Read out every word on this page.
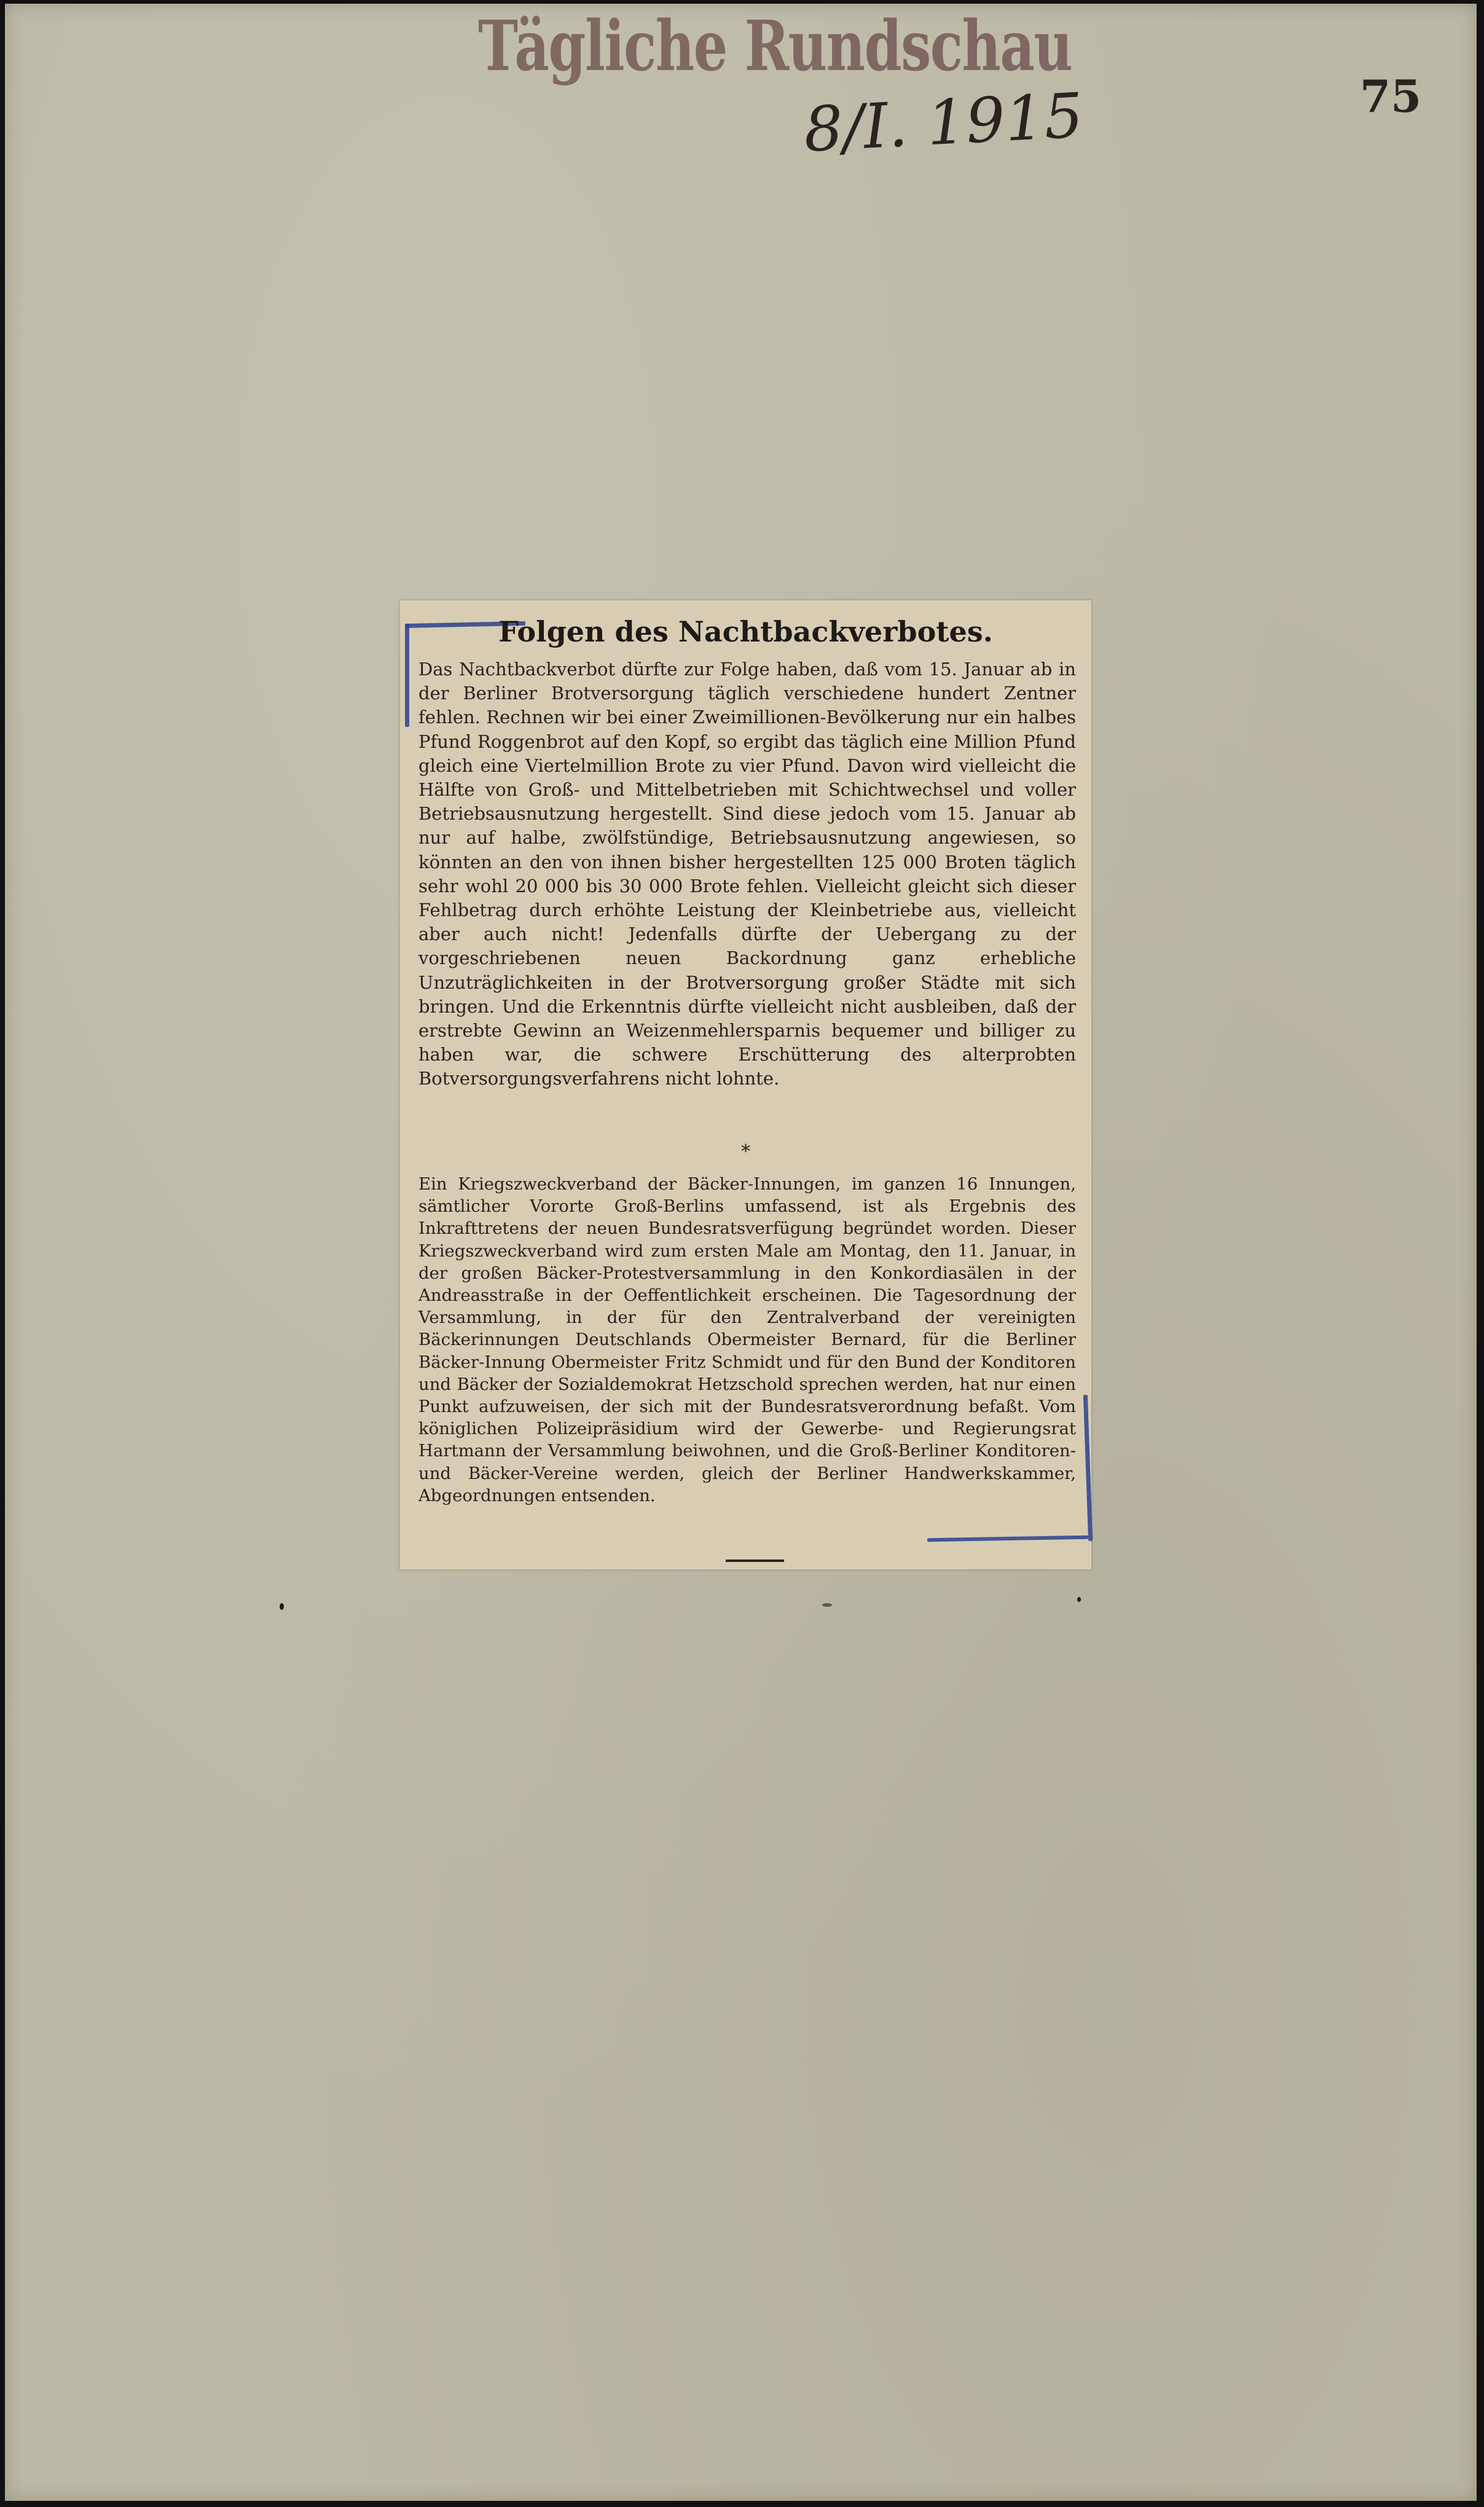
Tägliche Rundschau
8/I. 1915	75
Folgen des Nachtbackverbotes.
Das Nachtbackverbot dürfte zur Folge haben, daß vom 15. Januar ab in der Berliner Brotversorgung täglich verschiedene hundert Zentner fehlen. Rechnen wir bei einer Zweimillionen-Bevölkerung nur ein halbes Pfund Roggenbrot auf den Kopf, so ergibt das täglich eine Million Pfund gleich eine Viertelmillion Brote zu vier Pfund. Davon wird vielleicht die Hälfte von Groß- und Mittelbetrieben mit Schichtwechsel und voller Betriebsausnutzung hergestellt. Sind diese jedoch vom 15. Januar ab nur auf halbe, zwölfstündige, Betriebsausnutzung angewiesen, so könnten an den von ihnen bisher hergestellten 125 000 Broten täglich sehr wohl 20 000 bis 30 000 Brote fehlen. Vielleicht gleicht sich dieser Fehlbetrag durch erhöhte Leistung der Kleinbetriebe aus, vielleicht aber auch nicht! Jedenfalls dürfte der Uebergang zu der vorgeschriebenen neuen Backordnung ganz erhebliche Unzuträglichkeiten in der Brotversorgung großer Städte mit sich bringen. Und die Erkenntnis dürfte vielleicht nicht ausbleiben, daß der erstrebte Gewinn an Weizenmehlersparnis bequemer und billiger zu haben war, die schwere Erschütterung des alterprobten Botversorgungsverfahrens nicht lohnte.
*
Ein Kriegszweckverband der Bäcker-Innungen, im ganzen 16 Innungen, sämtlicher Vororte Groß-Berlins umfassend, ist als Ergebnis des Inkrafttretens der neuen Bundesratsverfügung begründet worden. Dieser Kriegszweckverband wird zum ersten Male am Montag, den 11. Januar, in der großen Bäcker-Protestversammlung in den Konkordiasälen in der Andreasstraße in der Oeffentlichkeit erscheinen. Die Tagesordnung der Versammlung, in der für den Zentralverband der vereinigten Bäckerinnungen Deutschlands Obermeister Bernard, für die Berliner Bäcker-Innung Obermeister Fritz Schmidt und für den Bund der Konditoren und Bäcker der Sozialdemokrat Hetzschold sprechen werden, hat nur einen Punkt aufzuweisen, der sich mit der Bundesratsverordnung befaßt. Vom königlichen Polizeipräsidium wird der Gewerbe- und Regierungsrat Hartmann der Versammlung beiwohnen, und die Groß-Berliner Konditoren- und Bäcker-Vereine werden, gleich der Berliner Handwerkskammer, Abgeordnungen entsenden.
